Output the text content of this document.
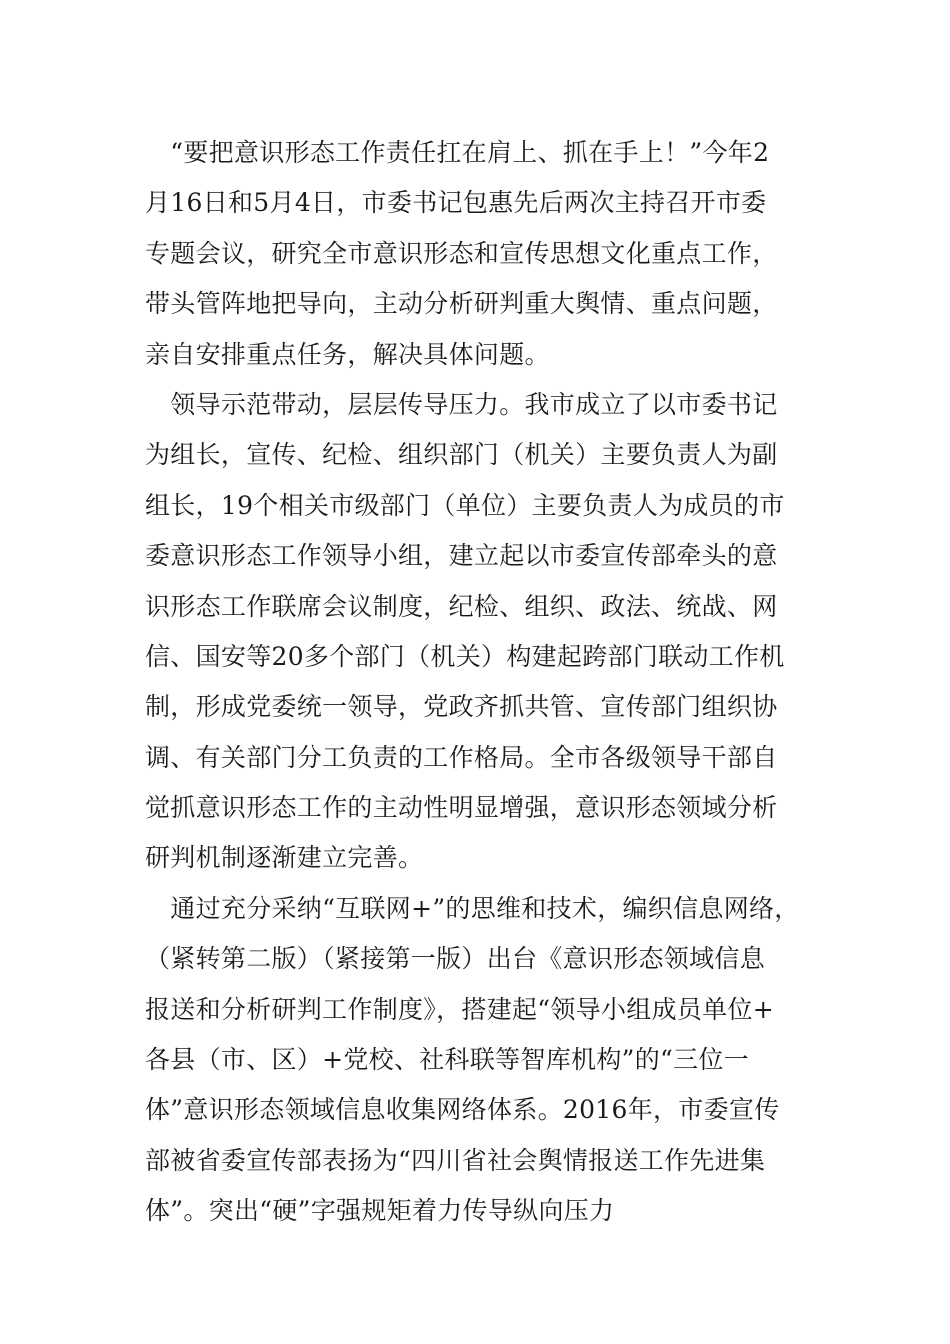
　“要把意识形态工作责任扛在肩上、抓在手上！”今年2
月16日和5月4日，市委书记包惠先后两次主持召开市委
专题会议，研究全市意识形态和宣传思想文化重点工作，
带头管阵地把导向，主动分析研判重大舆情、重点问题，
亲自安排重点任务，解决具体问题。
　领导示范带动，层层传导压力。我市成立了以市委书记
为组长，宣传、纪检、组织部门（机关）主要负责人为副
组长，19个相关市级部门（单位）主要负责人为成员的市
委意识形态工作领导小组，建立起以市委宣传部牵头的意
识形态工作联席会议制度，纪检、组织、政法、统战、网
信、国安等20多个部门（机关）构建起跨部门联动工作机
制，形成党委统一领导，党政齐抓共管、宣传部门组织协
调、有关部门分工负责的工作格局。全市各级领导干部自
觉抓意识形态工作的主动性明显增强，意识形态领域分析
研判机制逐渐建立完善。
　通过充分采纳“互联网+”的思维和技术，编织信息网络，
（紧转第二版）（紧接第一版）出台《意识形态领域信息
报送和分析研判工作制度》，搭建起“领导小组成员单位+
各县（市、区）+党校、社科联等智库机构”的“三位一
体”意识形态领域信息收集网络体系。2016年，市委宣传
部被省委宣传部表扬为“四川省社会舆情报送工作先进集
体”。突出“硬”字强规矩着力传导纵向压力
